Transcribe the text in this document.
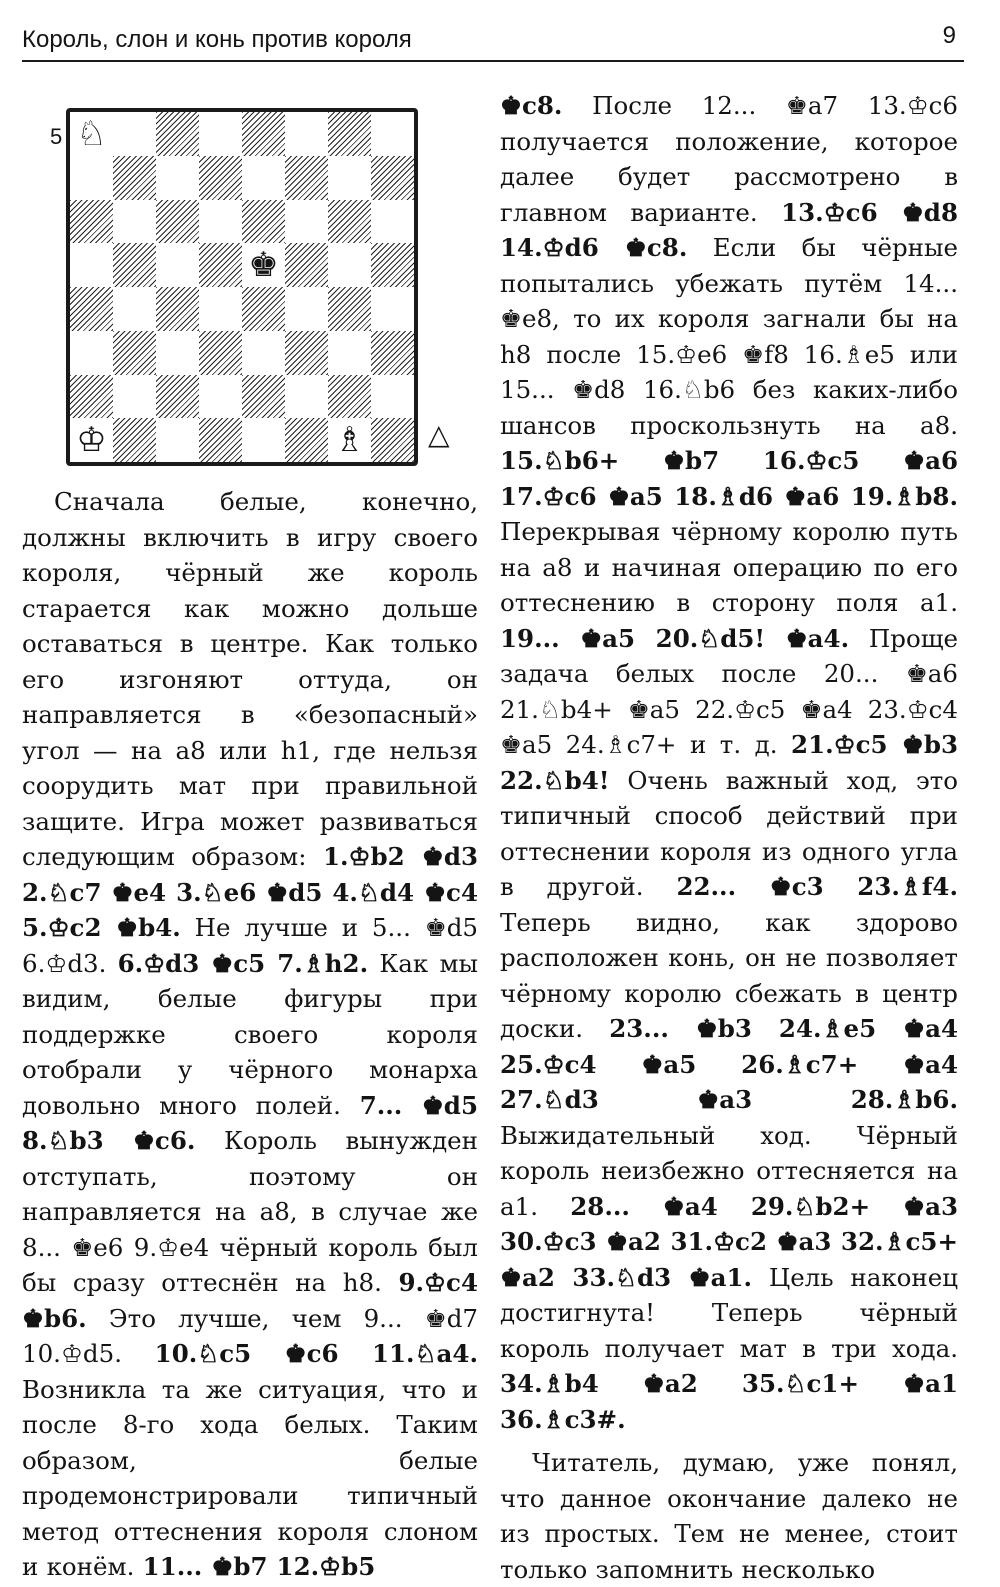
Король, слон и конь против короля	9
5 ♘
♚
♔	♗ △

Сначала белые, конечно, должны включить в игру своего короля, чёрный же король старается как можно дольше оставаться в центре. Как только его изгоняют оттуда, он направляется в «безопасный» угол — на a8 или h1, где нельзя соорудить мат при правильной защите. Игра может развиваться следующим образом: 1.♔b2 ♚d3 2.♘c7 ♚e4 3.♘e6 ♚d5 4.♘d4 ♚c4 5.♔c2 ♚b4. Не лучше и 5... ♚d5 6.♔d3. 6.♔d3 ♚c5 7.♗h2. Как мы видим, белые фигуры при поддержке своего короля отобрали у чёрного монарха довольно много полей. 7... ♚d5 8.♘b3 ♚c6. Король вынужден отступать, поэтому он направляется на a8, в случае же 8... ♚e6 9.♔e4 чёрный король был бы сразу оттеснён на h8. 9.♔c4 ♚b6. Это лучше, чем 9... ♚d7 10.♔d5. 10.♘c5 ♚c6 11.♘a4. Возникла та же ситуация, что и после 8-го хода белых. Таким образом, белые продемонстрировали типичный метод оттеснения короля слоном и конём. 11... ♚b7 12.♔b5

♚c8. После 12... ♚a7 13.♔c6 получается положение, которое далее будет рассмотрено в главном варианте. 13.♔c6 ♚d8 14.♔d6 ♚c8. Если бы чёрные попытались убежать путём 14... ♚e8, то их короля загнали бы на h8 после 15.♔e6 ♚f8 16.♗e5 или 15... ♚d8 16.♘b6 без каких-либо шансов проскользнуть на a8. 15.♘b6+ ♚b7 16.♔c5 ♚a6 17.♔c6 ♚a5 18.♗d6 ♚a6 19.♗b8. Перекрывая чёрному королю путь на a8 и начиная операцию по его оттеснению в сторону поля a1. 19... ♚a5 20.♘d5! ♚a4. Проще задача белых после 20... ♚a6 21.♘b4+ ♚a5 22.♔c5 ♚a4 23.♔c4 ♚a5 24.♗c7+ и т. д. 21.♔c5 ♚b3 22.♘b4! Очень важный ход, это типичный способ действий при оттеснении короля из одного угла в другой. 22... ♚c3 23.♗f4. Теперь видно, как здорово расположен конь, он не позволяет чёрному королю сбежать в центр доски. 23... ♚b3 24.♗e5 ♚a4 25.♔c4 ♚a5 26.♗c7+ ♚a4 27.♘d3 ♚a3 28.♗b6. Выжидательный ход. Чёрный король неизбежно оттесняется на a1. 28... ♚a4 29.♘b2+ ♚a3 30.♔c3 ♚a2 31.♔c2 ♚a3 32.♗c5+ ♚a2 33.♘d3 ♚a1. Цель наконец достигнута! Теперь чёрный король получает мат в три хода. 34.♗b4 ♚a2 35.♘c1+ ♚a1 36.♗c3#.

Читатель, думаю, уже понял, что данное окончание далеко не из простых. Тем не менее, стоит только запомнить несколько
